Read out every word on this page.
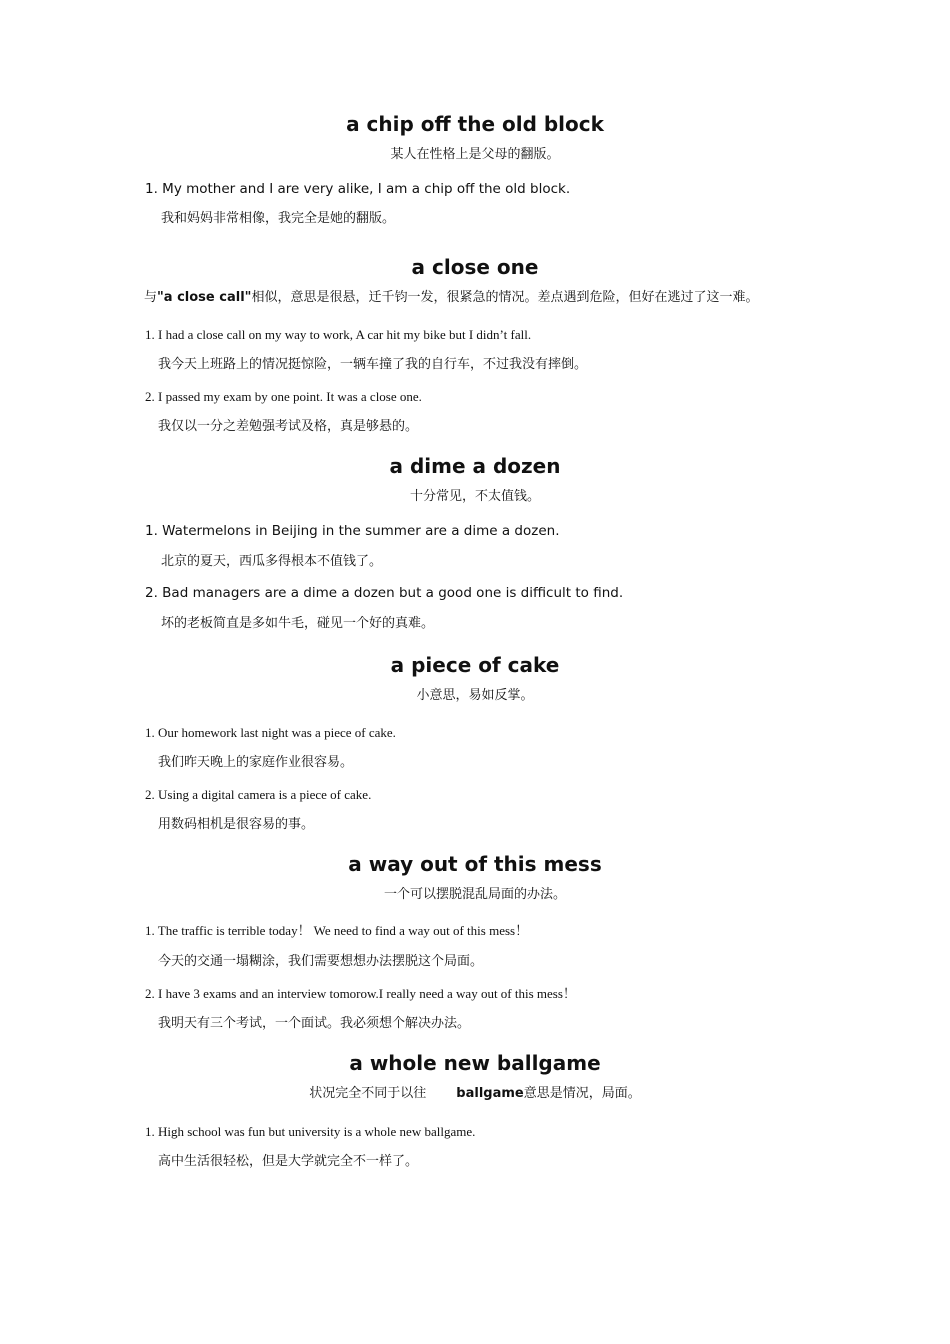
a chip off the old block
某人在性格上是父母的翻版。
1. My mother and I are very alike, I am a chip off the old block.
我和妈妈非常相像，我完全是她的翻版。
a close one
与"a close call"相似，意思是很悬，迁千钧一发，很紧急的情况。差点遇到危险，但好在逃过了这一难。
1. I had a close call on my way to work, A car hit my bike but I didn’t fall.
我今天上班路上的情况挺惊险，一辆车撞了我的自行车，不过我没有摔倒。
2. I passed my exam by one point. It was a close one.
我仅以一分之差勉强考试及格，真是够悬的。
a dime a dozen
十分常见，不太值钱。
1. Watermelons in Beijing in the summer are a dime a dozen.
北京的夏天，西瓜多得根本不值钱了。
2. Bad managers are a dime a dozen but a good one is difficult to find.
坏的老板简直是多如牛毛，碰见一个好的真难。
a piece of cake
小意思，易如反掌。
1. Our homework last night was a piece of cake.
我们昨天晚上的家庭作业很容易。
2. Using a digital camera is a piece of cake.
用数码相机是很容易的事。
a way out of this mess
一个可以摆脱混乱局面的办法。
1. The traffic is terrible today！ We need to find a way out of this mess！
今天的交通一塌糊涂，我们需要想想办法摆脱这个局面。
2. I have 3 exams and an interview tomorow.I really need a way out of this mess！
我明天有三个考试，一个面试。我必须想个解决办法。
a whole new ballgame
状况完全不同于以往 ballgame意思是情况，局面。
1. High school was fun but university is a whole new ballgame.
高中生活很轻松，但是大学就完全不一样了。
